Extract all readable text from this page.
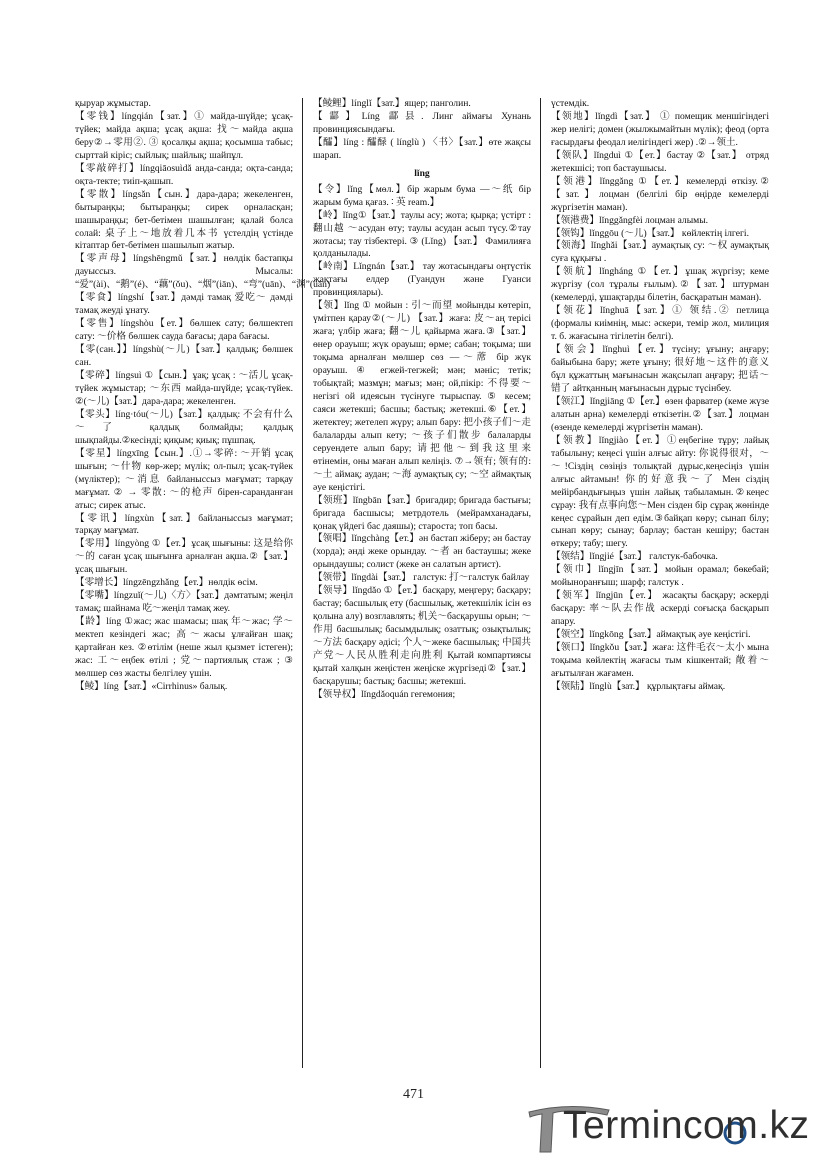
қыруар жұмыстар.

【零钱】língqián【зат.】① майда-шүйде; ұсақ-түйек; майда ақша; ұсақ ақша: 找～майда ақша беру②→零用②. ③ қосалқы ақша; қосымша табыс; сырттай кіріс; сыйлық; шайлық; шайпұл.

【零敲碎打】língqiāosuìdǎ анда-санда; оқта-санда; оқта-текте; тиіп-қашып.

【零散】língsǎn【сын.】дара-дара; жекеленген, бытыраңқы; бытыраңқы; сирек орналасқан; шашыраңқы; бет-бетімен шашылған; қалай болса солай: 桌子上～地放着几本书 үстелдің үстінде кітаптар бет-бетімен шашылып жатыр.

【零声母】língshēngmǔ【зат.】нөлдік бастапқы дауыссыз. Мысалы: “爱”(ài)、“鹅”(é)、“藕”(ǒu)、“烟”(iān)、“弯”(uān)、“渊”(üān)

【零食】língshí【зат.】дәмді тамақ 爱吃～ дәмді тамақ жеуді ұнату.

【零售】língshòu【ет.】бөлшек сату; бөлшектеп сату: ～价格 бөлшек сауда бағасы; дара бағасы.

【零(сан.】】língshù(～儿)【зат.】қалдық; бөлшек сан.

【零碎】língsuì ①【сын.】ұақ; ұсақ : ～活儿 ұсақ-түйек жұмыстар; ～东西 майда-шүйде; ұсақ-түйек. ②(～儿)【зат.】дара-дара; жекеленген.

【零头】líng·tóu(～儿)【зат.】қалдық: 不会有什么～了 қалдық болмайды; қалдық шықпайды.②кесінді; қиқым; қиық; пұшпақ.

【零星】língxīng【сын.】.①→零碎: ～开销 ұсақ шығын; ～什物 көр-жер; мүлік; ол-пыл; ұсақ-түйек (мүліктер); ～消息 байланыссыз мағұмат; тарқау мағұмат. ② → 零散: ～的枪声 бірен-саранданған атыс; сирек атыс.

【零讯】língxùn【зат.】байланыссыз мағұмат; тарқау мағұмат.

【零用】língyòng ①【ет.】ұсақ шығыны: 这是给你～的 саған ұсақ шығынға арналған ақша.②【зат.】ұсақ шығын.

【零增长】língzēngzhǎng【ет.】нөлдік өсім.

【零嘴】língzuǐ(～儿)〈方〉【зат.】дәмтатым; жеңіл тамақ; шайнама 吃～жеңіл тамақ жеу.

【龄】líng ①жас; жас шамасы; шақ 年～жас; 学～ мектеп кезіндегі жас; 高～жасы ұлғайған шақ; қартайған кез. ②өтілім (неше жыл қызмет істеген); жас: 工～еңбек өтілі ; 党～партиялық стаж ; ③ мөлшер сөз жасты белгілеу үшін.

【鲮】líng【зат.】«Cirrhinus» балық.

【鲮鲤】línglǐ【зат.】ящер; панголин.

【酃】Líng 酃县. Линг аймағы Хунань провинциясындағы.

【醽】líng : 醽醁 ( línglù ) 〈书〉【зат.】өте жақсы шарап.

lǐng

【令】lǐng【мөл.】бір жарым бума —～纸 бір жарым бума қағаз. ∶ 英 ream.】

【岭】lǐng①【зат.】таулы асу; жота; қырқа; үстірт : 翻山越 ～асудан өту; таулы асудан асып түсу.②тау жотасы; тау тізбектері. ③ (Lǐng) 【зат.】 Фамилияға қолданылады.

【岭南】Lǐngnán【зат.】 тау жотасындағы оңтүстік жақтағы елдер (Гуандун және Гуанси провинциялары).

【领】lǐng ① мойын : 引～而望 мойынды көтеріп, үмітпен қарау②(～儿) 【зат.】жаға: 皮～аң терісі жаға; үлбір жаға; 翻～儿 қайырма жаға.③【зат.】 өнер орауыш; жүк орауыш; өрме; сабан; тоқыма; ши тоқыма арналған мөлшер сөз —～蓆 бір жүк орауыш. ④ егжей-тегжей; мән; мәніс; тетік; тобықтай; мазмұн; мағыз; мән; ой,пікір: 不得要～ негізгі ой идеясын түсінуге тырыспау. ⑤ кесем; саяси жетекші; басшы; бастық; жетекші.⑥【ет.】жетектеу; жетелеп жүру; алып бару: 把小孩子们～走 балаларды алып кету; ～孩子们散步 балаларды серуендете алып бару; 请把他～到我这里来 өтінемін, оны маған алып келіңіз. ⑦→领有; 领有的: ～土 аймақ; аудан; ～海 аумақтық су; ～空 аймақтық әуе кеңістігі.

【领班】lǐngbān【зат.】бригадир; бригада бастығы; бригада басшысы; метрдотель (мейрамханадағы, қонақ үйдегі бас даяшы); староста; топ басы.

【领唱】lǐngchàng【ет.】ән бастап жіберу; ән бастау (хорда); әнді жеке орындау. ～者 ән бастаушы; жеке орындаушы; солист (жеке ән салатын артист).

【领带】lǐngdài【зат.】 галстук: 打～галстук байлау

【领导】lǐngdǎo ①【ет.】басқару, меңгеру; басқару; бастау; басшылық ету (басшылық, жетекшілік ісін өз қолына алу) возглавлять; 机关～басқарушы орын; ～作用 басшылық; басымдылық; озаттық; озықтылық; ～方法 басқару әдісі; 个人～жеке басшылық; 中国共产党～人民从胜利走向胜利 Қытай компартиясы қытай халқын жеңістен жеңіске жүргізеді②【зат.】басқарушы; бастық; басшы; жетекші.

【领导权】lǐngdǎoquán гегемония;

үстемдік.

【领地】lǐngdì【зат.】 ① помещик меншігіндегі жер иелігі; домен (жылжымайтын мүлік); феод (орта ғасырдағы феодал иелігіндегі жер) .②→领土.

【领队】lǐngduì ①【ет.】бастау ②【зат.】 отряд жетекшісі; топ бастаушысы.

【领港】lǐnggǎng ①【ет.】кемелерді өткізу.② 【зат.】лоцман (белгілі бір өңірде кемелерді жүргізетін маман).

【领港费】lǐnggǎngfèi лоцман алымы.

【领钩】lǐnggōu (～儿)【зат.】 көйлектің ілгегі.

【领海】lǐnghǎi【зат.】аумақтық су: ～权 аумақтық суға құқығы .

【领航】lǐngháng ①【ет.】ұшақ жүргізу; кеме жүргізу (сол тұралы ғылым).②【зат.】штурман (кемелерді, ұшақтарды білетін, басқаратын маман).

【领花】lǐnghuā【зат.】① 领结.② петлица (формалы киімнің, мыс: әскери, темір жол, милиция т. б. жағасына тігілетін белгі).

【领会】lǐnghuì【ет.】түсіну; ұғыну; аңғару; байыбына бару; жете ұғыну; 很好地～这件的意义 бұл құжаттың мағынасын жақсылап аңғару; 把话～错了 айтқанның мағынасын дұрыс түсінбеу.

【领江】lǐngjiāng ①【ет.】өзен фарватер (кеме жүзе алатын арна) кемелерді өткізетін.②【зат.】лоцман (өзенде кемелерді жүргізетін маман).

【领教】lǐngjiào【ет.】①еңбегіне тұру; лайық табылыну; кеңесі үшін алғыс айту: 你说得很对，～～!Сіздің сөзіңіз толықтай дұрыс,кеңесіңіз үшін алғыс айтамын! 你的好意我～了 Мен сіздің мейірбандығыңыз үшін лайық табыламын.②кеңес сұрау: 我有点事向您～Мен сізден бір сұрақ жөнінде кеңес сұрайын деп едім.③байқап көру; сынап білу; сынап көру; сынау; барлау; бастан кешіру; бастан өткеру; табу; шегу.

【领结】lǐngjié【зат.】 галстук-бабочка.

【领巾】lǐngjīn【зат.】мойын орамал; бөкебай; мойыноранғыш; шарф; галстук .

【领军】lǐngjūn【ет.】 жасақты басқару; әскерді басқару: 率～队去作战 әскерді соғысқа басқарып апару.

【领空】lǐngkōng【зат.】аймақтық әуе кеңістігі.

【领口】lǐngkǒu【зат.】жаға: 这件毛衣～太小 мына тоқыма көйлектің жағасы тым кішкентай; 敞着～ағытылған жағамен.

【领陆】lǐnglù【зат.】 құрлықтағы аймақ.

471
Termincom.kz
